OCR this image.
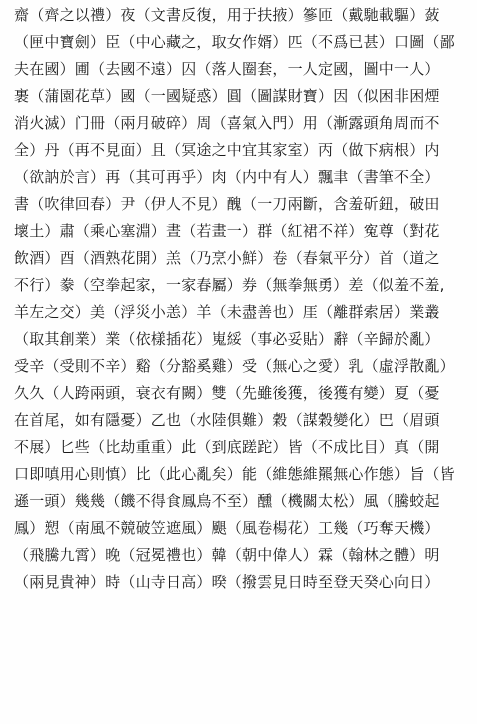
齋（齊之以禮）夜（文書反復，用于扶掖）篸匝（戴馳載驅）蔹
（匣中寶劍）臣（中心藏之，取女作婿）匹（不爲已甚）口圖（鄙
夫在國）圃（去國不遠）囚（落人圈套，一人定國，圖中一人）
裹（蒲園花草）國（一國疑惑）圓（圖謀財寶）因（似困非困煙
消火滅）门冊（兩月破碎）周（喜氣入門）用（漸露頭角周而不
全）丹（再不見面）且（冥途之中宜其家室）丙（做下病根）内
（欲訥於言）再（其可再乎）肉（内中有人）飄聿（書筆不全）
書（吹律回春）尹（伊人不見）醜（一刀兩斷，含羞斫鈕，破田
壞土）肅（乘心塞淵）晝（若畫一）群（紅裙不祥）寃尊（對花
飲酒）酉（酒熟花開）羔（乃烹小鮮）卷（春氣平分）首（道之
不行）豢（空拳起家，一家春屬）券（無拳無勇）差（似羞不羞,
羊左之交）美（浮災小恙）羊（未盡善也）厓（離群索居）業叢
（取其創業）業（依樣插花）嵬綏（事必妥貼）辭（辛歸於亂）
受辛（受則不辛）谿（分豁奚雞）受（無心之愛）乳（虛浮散亂）
久久（人跨兩頭，衰衣有闕）雙（先雖後獲，後獲有變）夏（憂
在首尾，如有隱憂）乙也（水陸俱難）穀（謀穀變化）巴（眉頭
不展）匕些（比劫重重）此（到底蹉跎）皆（不成比目）真（開
口即嗔用心則慎）比（此心亂矣）能（維態維羆無心作態）旨（皆
遜一頭）幾幾（饑不得食鳳鳥不至）醺（機關太松）風（騰蛟起
鳳）愬（南風不競破笠遮風）颶（風卷楊花）工幾（巧奪天機）
（飛騰九霄）晚（冠冕禮也）韓（朝中偉人）霖（翰林之體）明
（兩見貴神）時（山寺日高）暌（撥雲見日時至登天癸心向日）
